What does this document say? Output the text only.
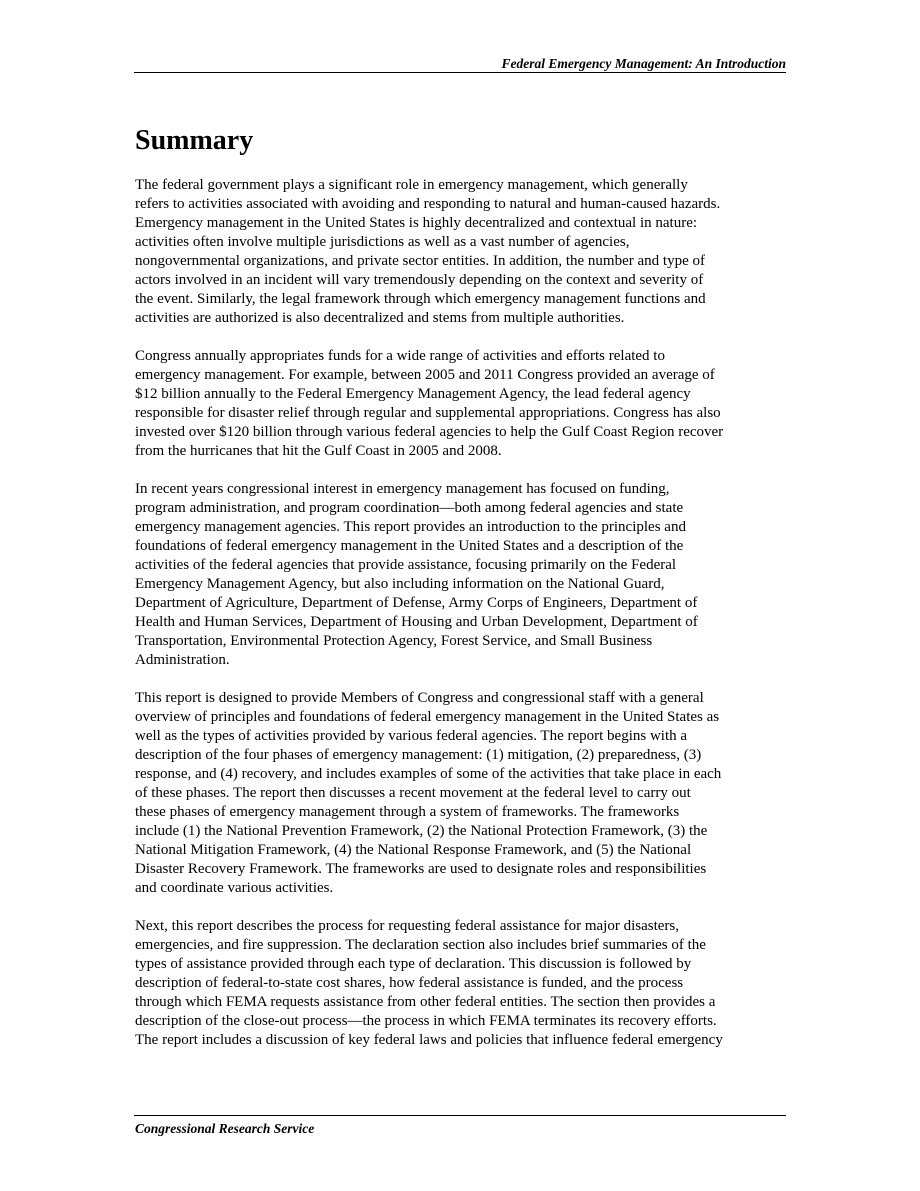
Federal Emergency Management: An Introduction
Summary

The federal government plays a significant role in emergency management, which generally
refers to activities associated with avoiding and responding to natural and human-caused hazards.
Emergency management in the United States is highly decentralized and contextual in nature:
activities often involve multiple jurisdictions as well as a vast number of agencies,
nongovernmental organizations, and private sector entities. In addition, the number and type of
actors involved in an incident will vary tremendously depending on the context and severity of
the event. Similarly, the legal framework through which emergency management functions and
activities are authorized is also decentralized and stems from multiple authorities.

Congress annually appropriates funds for a wide range of activities and efforts related to
emergency management. For example, between 2005 and 2011 Congress provided an average of
$12 billion annually to the Federal Emergency Management Agency, the lead federal agency
responsible for disaster relief through regular and supplemental appropriations. Congress has also
invested over $120 billion through various federal agencies to help the Gulf Coast Region recover
from the hurricanes that hit the Gulf Coast in 2005 and 2008.

In recent years congressional interest in emergency management has focused on funding,
program administration, and program coordination—both among federal agencies and state
emergency management agencies. This report provides an introduction to the principles and
foundations of federal emergency management in the United States and a description of the
activities of the federal agencies that provide assistance, focusing primarily on the Federal
Emergency Management Agency, but also including information on the National Guard,
Department of Agriculture, Department of Defense, Army Corps of Engineers, Department of
Health and Human Services, Department of Housing and Urban Development, Department of
Transportation, Environmental Protection Agency, Forest Service, and Small Business
Administration.

This report is designed to provide Members of Congress and congressional staff with a general
overview of principles and foundations of federal emergency management in the United States as
well as the types of activities provided by various federal agencies. The report begins with a
description of the four phases of emergency management: (1) mitigation, (2) preparedness, (3)
response, and (4) recovery, and includes examples of some of the activities that take place in each
of these phases. The report then discusses a recent movement at the federal level to carry out
these phases of emergency management through a system of frameworks. The frameworks
include (1) the National Prevention Framework, (2) the National Protection Framework, (3) the
National Mitigation Framework, (4) the National Response Framework, and (5) the National
Disaster Recovery Framework. The frameworks are used to designate roles and responsibilities
and coordinate various activities.

Next, this report describes the process for requesting federal assistance for major disasters,
emergencies, and fire suppression. The declaration section also includes brief summaries of the
types of assistance provided through each type of declaration. This discussion is followed by
description of federal-to-state cost shares, how federal assistance is funded, and the process
through which FEMA requests assistance from other federal entities. The section then provides a
description of the close-out process—the process in which FEMA terminates its recovery efforts.
The report includes a discussion of key federal laws and policies that influence federal emergency

Congressional Research Service
